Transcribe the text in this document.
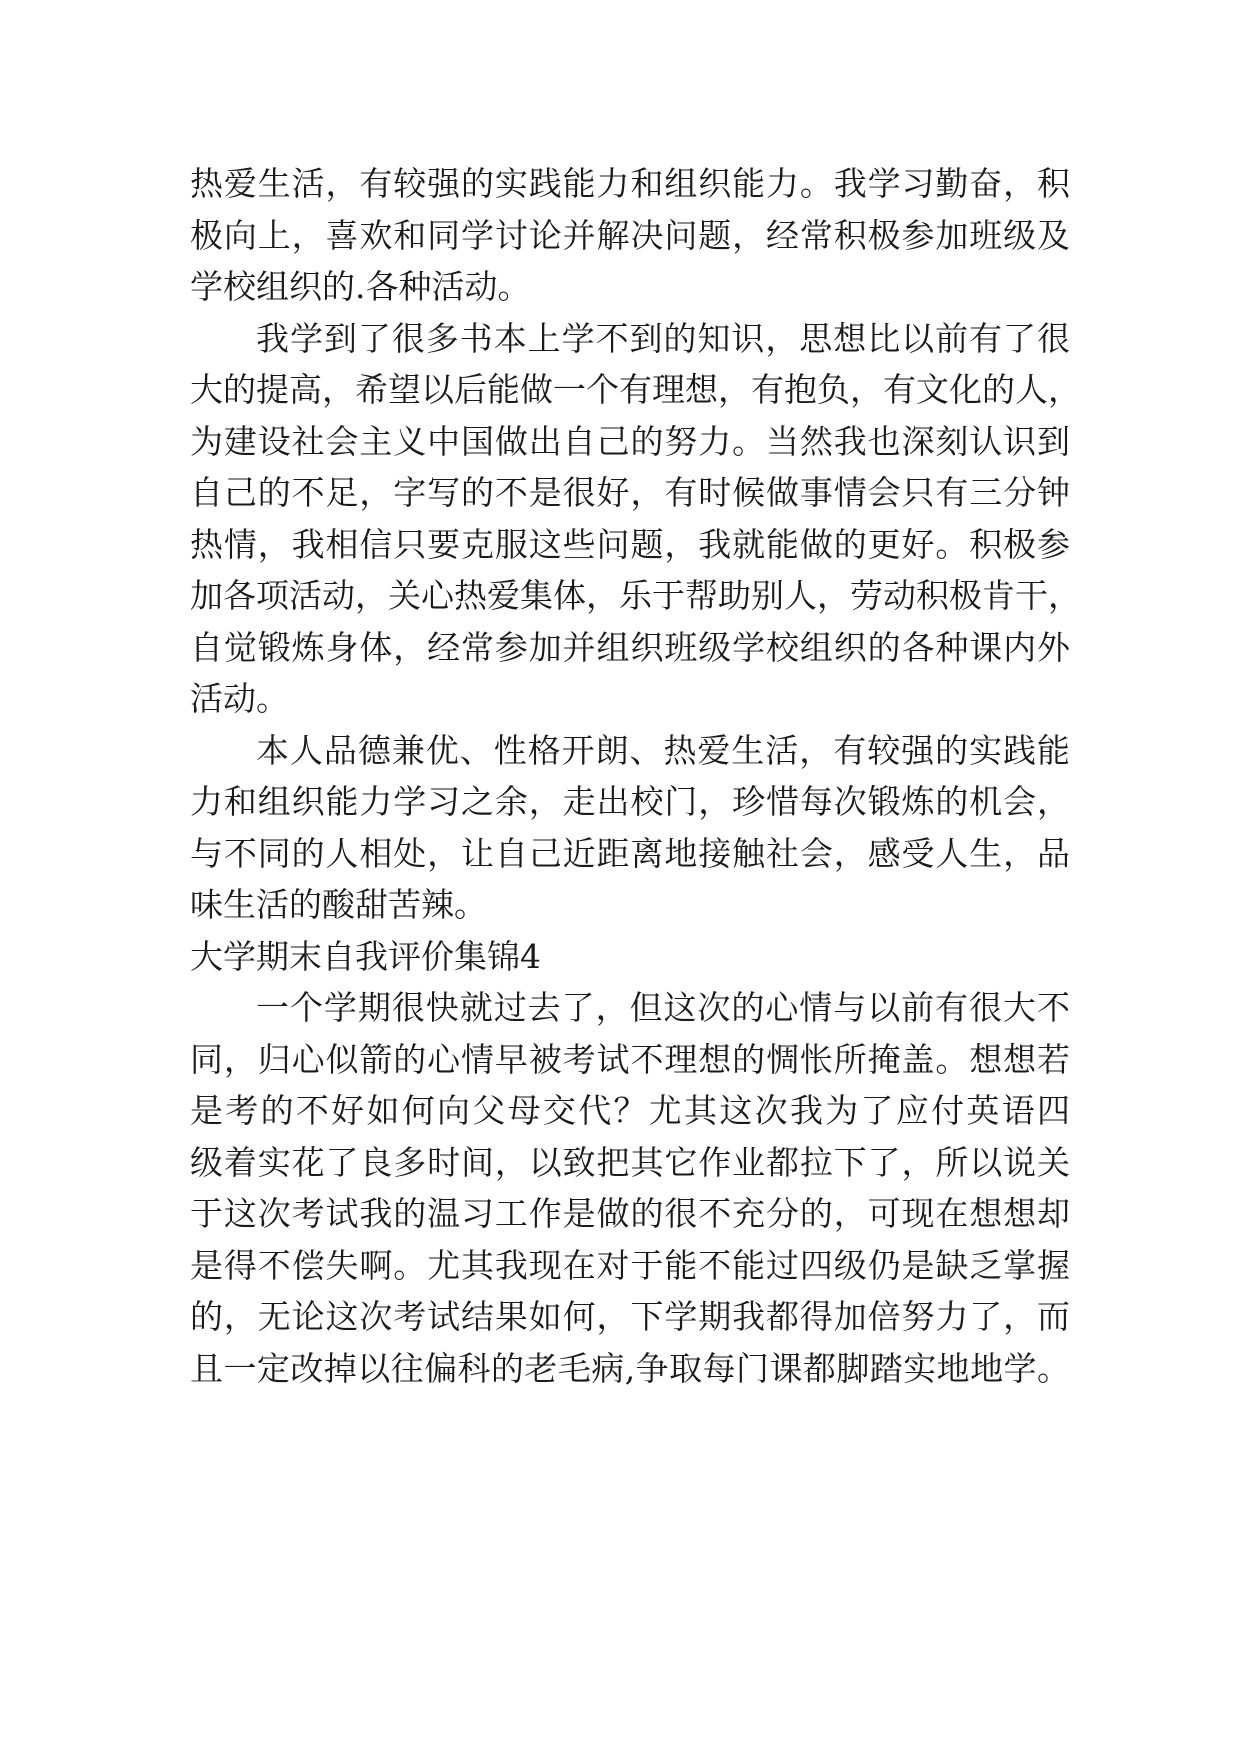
热爱生活，有较强的实践能力和组织能力。我学习勤奋，积
极向上，喜欢和同学讨论并解决问题，经常积极参加班级及
学校组织的.各种活动。
我学到了很多书本上学不到的知识，思想比以前有了很
大的提高，希望以后能做一个有理想，有抱负，有文化的人，
为建设社会主义中国做出自己的努力。当然我也深刻认识到
自己的不足，字写的不是很好，有时候做事情会只有三分钟
热情，我相信只要克服这些问题，我就能做的更好。积极参
加各项活动，关心热爱集体，乐于帮助别人，劳动积极肯干，
自觉锻炼身体，经常参加并组织班级学校组织的各种课内外
活动。
本人品德兼优、性格开朗、热爱生活，有较强的实践能
力和组织能力学习之余，走出校门，珍惜每次锻炼的机会，
与不同的人相处，让自己近距离地接触社会，感受人生，品
味生活的酸甜苦辣。
大学期末自我评价集锦4
一个学期很快就过去了，但这次的心情与以前有很大不
同，归心似箭的心情早被考试不理想的惆怅所掩盖。想想若
是考的不好如何向父母交代？尤其这次我为了应付英语四
级着实花了良多时间，以致把其它作业都拉下了，所以说关
于这次考试我的温习工作是做的很不充分的，可现在想想却
是得不偿失啊。尤其我现在对于能不能过四级仍是缺乏掌握
的，无论这次考试结果如何，下学期我都得加倍努力了，而
且一定改掉以往偏科的老毛病,争取每门课都脚踏实地地学。
